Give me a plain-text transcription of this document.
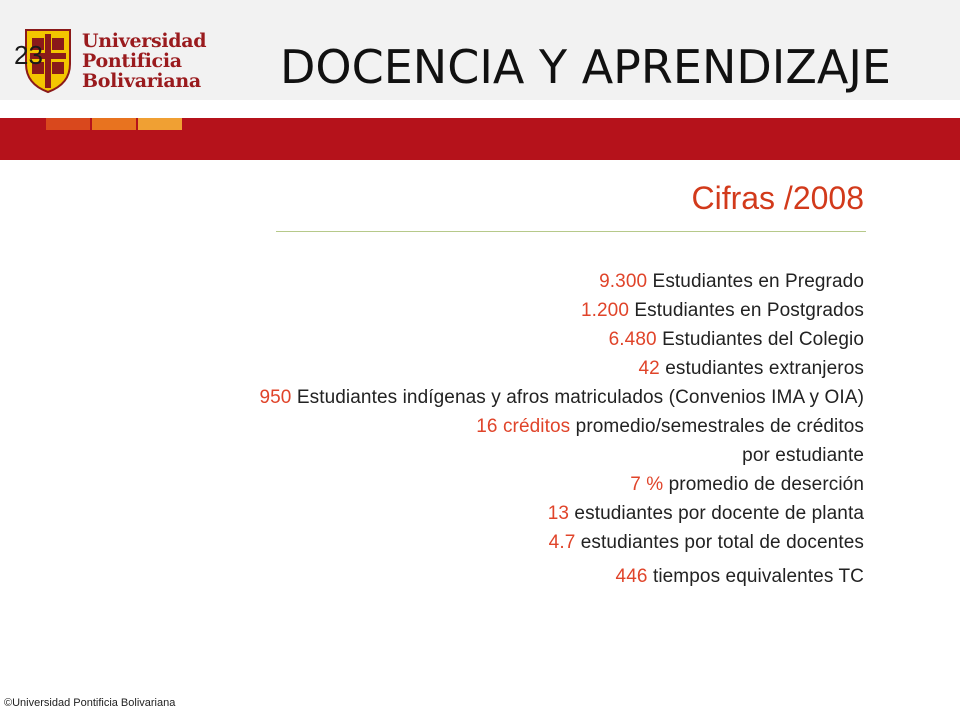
23 Universidad
Pontificia
Bolivariana DOCENCIA Y APRENDIZAJE
Cifras /2008
9.300 Estudiantes en Pregrado
1.200 Estudiantes en Postgrados
6.480 Estudiantes del Colegio
42 estudiantes extranjeros
950 Estudiantes indígenas y afros matriculados (Convenios IMA y OIA)
16 créditos promedio/semestrales de créditos
por estudiante
7 % promedio de deserción
13 estudiantes por docente de planta
4.7 estudiantes por total de docentes
446 tiempos equivalentes TC
©Universidad Pontificia Bolivariana
